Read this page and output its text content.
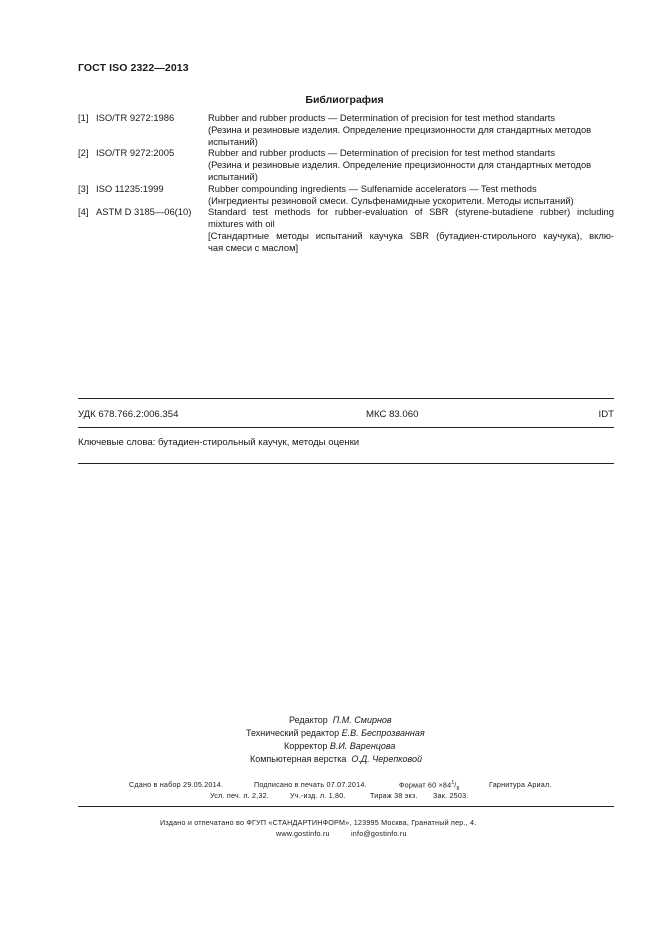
ГОСТ ISO 2322—2013
Библиография
[1] ISO/TR 9272:1986	Rubber and rubber products — Determination of precision for test method standarts
(Резина и резиновые изделия. Определение прецизионности для стандартных методов
испытаний)
[2] ISO/TR 9272:2005	Rubber and rubber products — Determination of precision for test method standarts
(Резина и резиновые изделия. Определение прецизионности для стандартных методов
испытаний)
[3] ISO 11235:1999	Rubber compounding ingredients — Sulfenamide accelerators — Test methods
(Ингредиенты резиновой смеси. Сульфенамидные ускорители. Методы испытаний)
[4] ASTM D 3185—06(10)	Standard test methods for rubber-evaluation of SBR (styrene-butadiene rubber) including
mixtures with oil
[Стандартные методы испытаний каучука SBR (бутадиен-стирольного каучука), вклю-
чая смеси с маслом]
УДК 678.766.2:006.354	МКС 83.060	IDT
Ключевые слова: бутадиен-стирольный каучук, методы оценки
Редактор П.М. Смирнов
Технический редактор Е.В. Беспрозванная
Корректор В.И. Варенцова
Компьютерная верстка О.Д. Черепковой
Сдано в набор 29.05.2014.	Подписано в печать 07.07.2014.	Формат $60 \times 84^1/_8$	Гарнитура Ариал.
Усл. печ. л. 2,32.	Уч.-изд. л. 1,80.	Тираж 38 экз. Зак. 2503.
Издано и отпечатано во ФГУП «СТАНДАРТИНФОРМ», 123995 Москва, Гранатный пер., 4.
www.gostinfo.ru	info@gostinfo.ru
